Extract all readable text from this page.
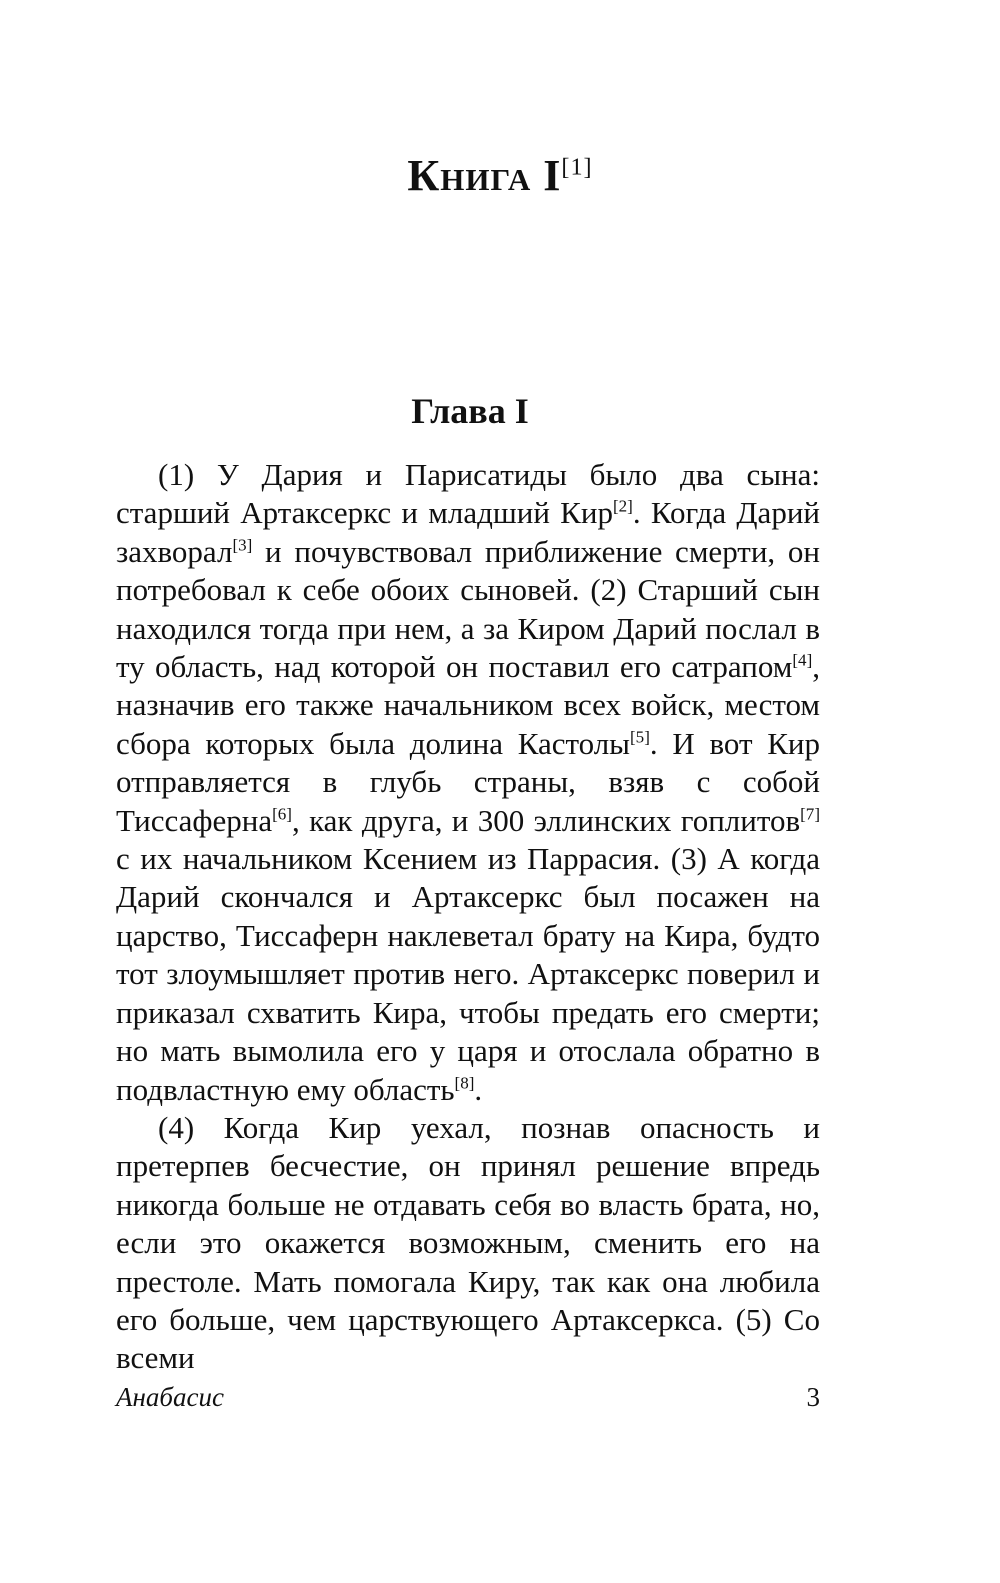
Книга I[1]
Глава I

(1) У Дария и Парисатиды было два сына: старший Артаксеркс и младший Кир[2]. Когда Дарий захворал[3] и почувствовал приближение смерти, он потребовал к себе обоих сыновей. (2) Старший сын находился тогда при нем, а за Киром Дарий послал в ту область, над которой он поставил его сатрапом[4], назначив его также начальником всех войск, местом сбора которых была долина Кастолы[5]. И вот Кир отправляется в глубь страны, взяв с собой Тиссаферна[6], как друга, и 300 эллинских гоплитов[7] с их начальником Ксением из Паррасия. (3) А когда Дарий скончался и Артаксеркс был посажен на царство, Тиссаферн наклеветал брату на Кира, будто тот злоумышляет против него. Артаксеркс поверил и приказал схватить Кира, чтобы предать его смерти; но мать вымолила его у царя и отослала обратно в подвластную ему область[8].

(4) Когда Кир уехал, познав опасность и претерпев бесчестие, он принял решение впредь никогда больше не отдавать себя во власть брата, но, если это окажется возможным, сменить его на престоле. Мать помогала Киру, так как она любила его больше, чем царствующего Артаксеркса. (5) Со всеми

Анабасис	3
